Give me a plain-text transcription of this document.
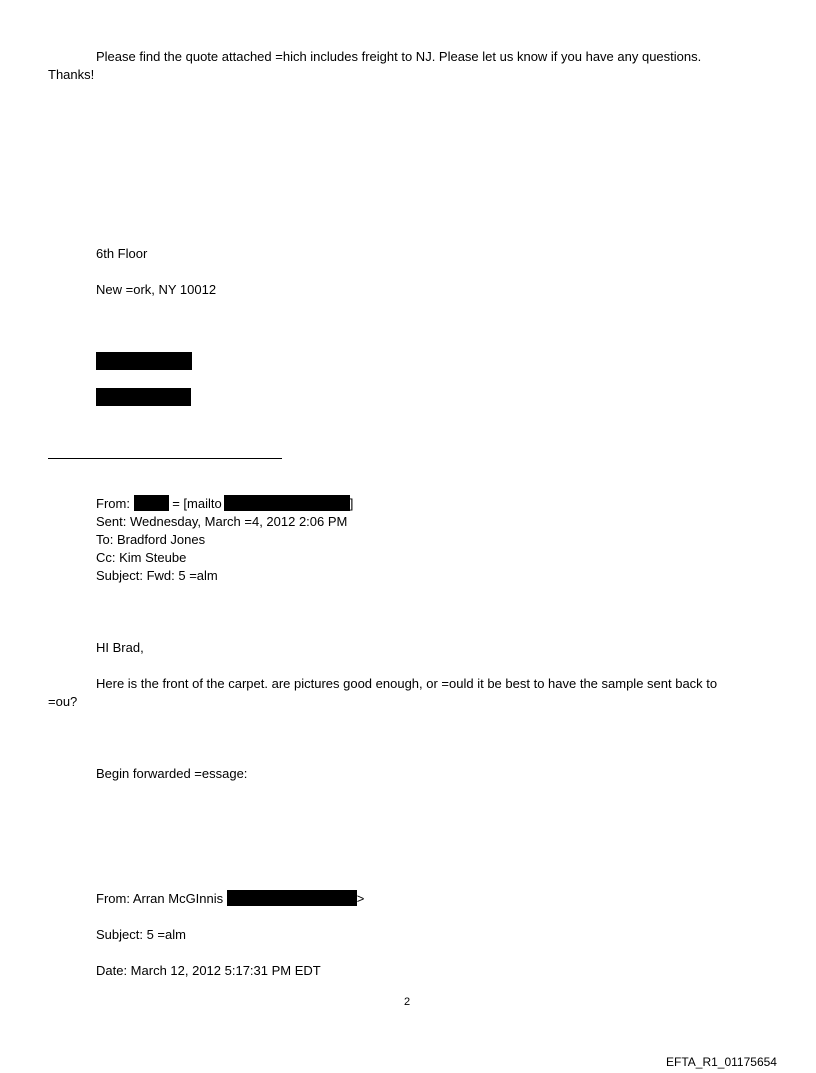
Please find the quote attached =hich includes freight to NJ. Please let us know if you have any questions.
Thanks!
6th Floor
New =ork, NY 10012
From:	= [mailto	]
Sent: Wednesday, March =4, 2012 2:06 PM
To: Bradford Jones
Cc: Kim Steube
Subject: Fwd: 5 =alm
HI Brad,
Here is the front of the carpet. are pictures good enough, or =ould it be best to have the sample sent back to
=ou?
Begin forwarded =essage:
From: Arran McGInnis	>
Subject: 5 =alm
Date: March 12, 2012 5:17:31 PM EDT
2
EFTA_R1_01175654
